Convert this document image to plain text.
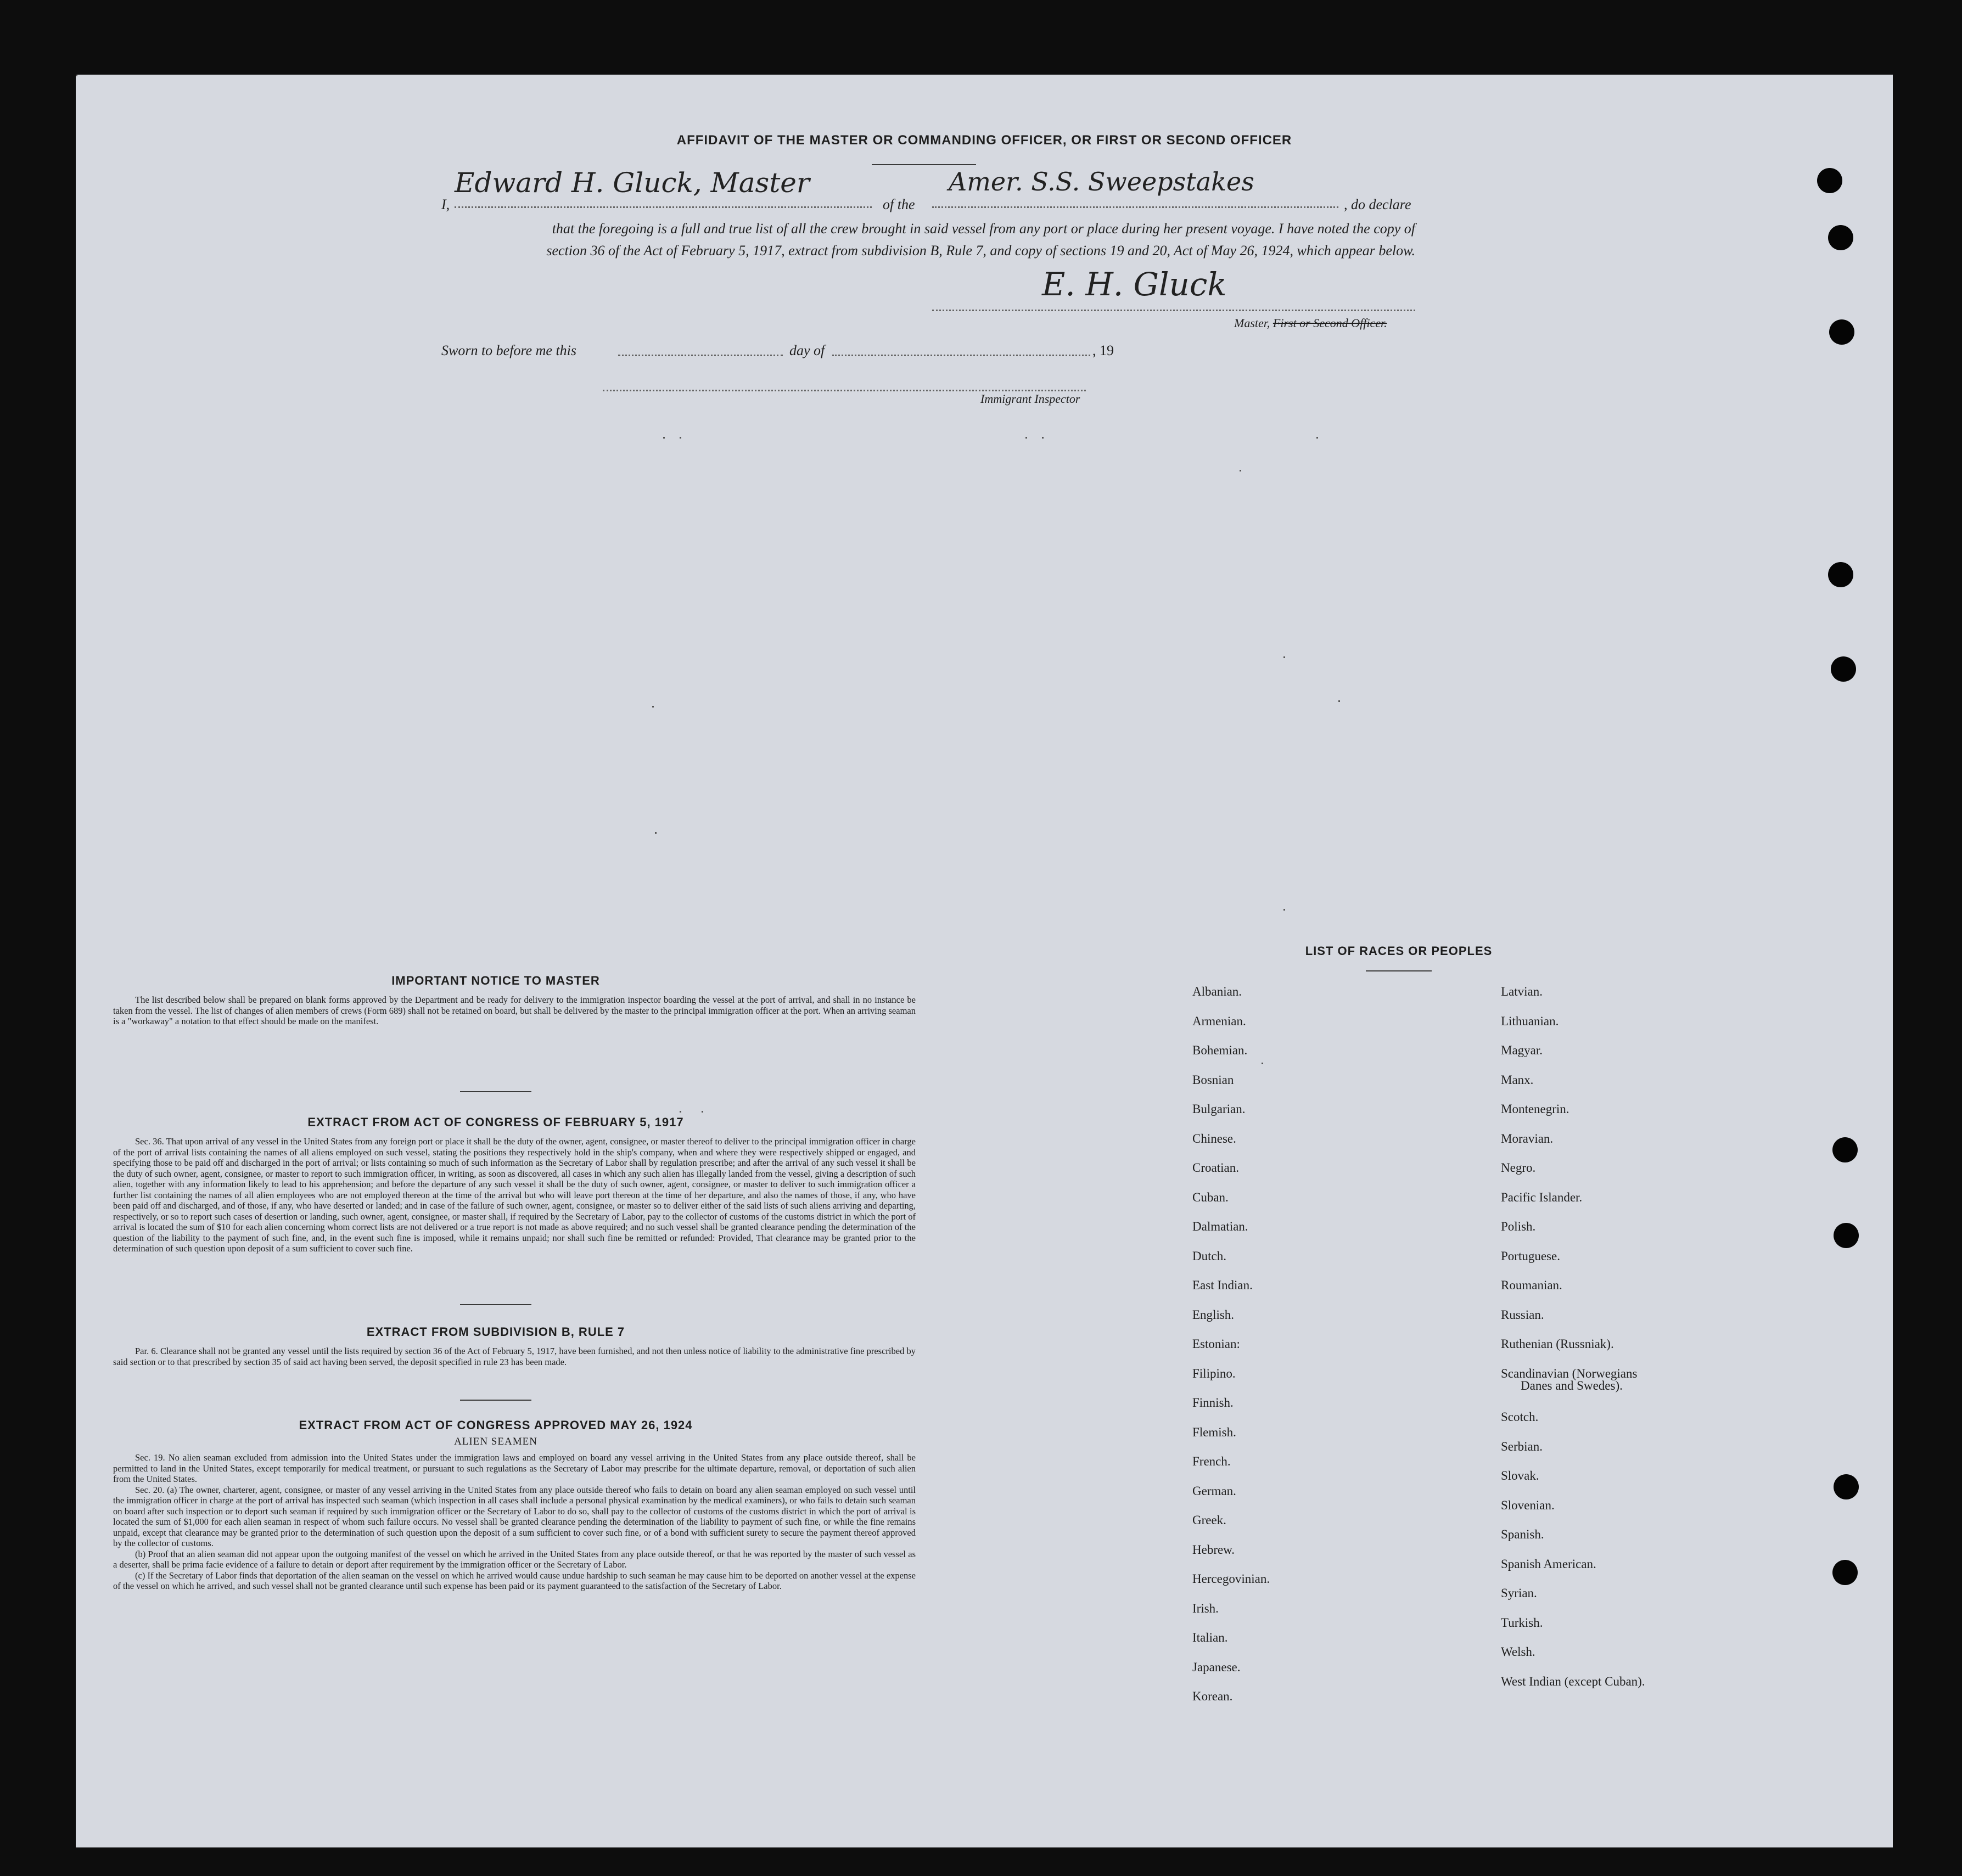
AFFIDAVIT OF THE MASTER OR COMMANDING OFFICER, OR FIRST OR SECOND OFFICER
I,
Edward H. Gluck, Master
of the
Amer. S.S. Sweepstakes
, do declare
that the foregoing is a full and true list of all the crew brought in said vessel from any port or place during her present voyage. I have noted the copy of
section 36 of the Act of February 5, 1917, extract from subdivision B, Rule 7, and copy of sections 19 and 20, Act of May 26, 1924, which appear below.
E. H. Gluck
Master, First or Second Officer.
Sworn to before me this	day of	, 19
Immigrant Inspector
IMPORTANT NOTICE TO MASTER

The list described below shall be prepared on blank forms approved by the Department and be ready for delivery to the immigration inspector boarding the vessel at the port of arrival, and shall in no instance be taken from the vessel. The list of changes of alien members of crews (Form 689) shall not be retained on board, but shall be delivered by the master to the principal immigration officer at the port. When an arriving seaman is a "workaway" a notation to that effect should be made on the manifest.

EXTRACT FROM ACT OF CONGRESS OF FEBRUARY 5, 1917

Sec. 36. That upon arrival of any vessel in the United States from any foreign port or place it shall be the duty of the owner, agent, consignee, or master thereof to deliver to the principal immigration officer in charge of the port of arrival lists containing the names of all aliens employed on such vessel, stating the positions they respectively hold in the ship's company, when and where they were respectively shipped or engaged, and specifying those to be paid off and discharged in the port of arrival; or lists containing so much of such information as the Secretary of Labor shall by regulation prescribe; and after the arrival of any such vessel it shall be the duty of such owner, agent, consignee, or master to report to such immigration officer, in writing, as soon as discovered, all cases in which any such alien has illegally landed from the vessel, giving a description of such alien, together with any information likely to lead to his apprehension; and before the departure of any such vessel it shall be the duty of such owner, agent, consignee, or master to deliver to such immigration officer a further list containing the names of all alien employees who are not employed thereon at the time of the arrival but who will leave port thereon at the time of her departure, and also the names of those, if any, who have been paid off and discharged, and of those, if any, who have deserted or landed; and in case of the failure of such owner, agent, consignee, or master so to deliver either of the said lists of such aliens arriving and departing, respectively, or so to report such cases of desertion or landing, such owner, agent, consignee, or master shall, if required by the Secretary of Labor, pay to the collector of customs of the customs district in which the port of arrival is located the sum of $10 for each alien concerning whom correct lists are not delivered or a true report is not made as above required; and no such vessel shall be granted clearance pending the determination of the question of the liability to the payment of such fine, and, in the event such fine is imposed, while it remains unpaid; nor shall such fine be remitted or refunded: Provided, That clearance may be granted prior to the determination of such question upon deposit of a sum sufficient to cover such fine.

EXTRACT FROM SUBDIVISION B, RULE 7

Par. 6. Clearance shall not be granted any vessel until the lists required by section 36 of the Act of February 5, 1917, have been furnished, and not then unless notice of liability to the administrative fine prescribed by said section or to that prescribed by section 35 of said act having been served, the deposit specified in rule 23 has been made.

EXTRACT FROM ACT OF CONGRESS APPROVED MAY 26, 1924
ALIEN SEAMEN

Sec. 19. No alien seaman excluded from admission into the United States under the immigration laws and employed on board any vessel arriving in the United States from any place outside thereof, shall be permitted to land in the United States, except temporarily for medical treatment, or pursuant to such regulations as the Secretary of Labor may prescribe for the ultimate departure, removal, or deportation of such alien from the United States.

Sec. 20. (a) The owner, charterer, agent, consignee, or master of any vessel arriving in the United States from any place outside thereof who fails to detain on board any alien seaman employed on such vessel until the immigration officer in charge at the port of arrival has inspected such seaman (which inspection in all cases shall include a personal physical examination by the medical examiners), or who fails to detain such seaman on board after such inspection or to deport such seaman if required by such immigration officer or the Secretary of Labor to do so, shall pay to the collector of customs of the customs district in which the port of arrival is located the sum of $1,000 for each alien seaman in respect of whom such failure occurs. No vessel shall be granted clearance pending the determination of the liability to payment of such fine, or while the fine remains unpaid, except that clearance may be granted prior to the determination of such question upon the deposit of a sum sufficient to cover such fine, or of a bond with sufficient surety to secure the payment thereof approved by the collector of customs.

(b) Proof that an alien seaman did not appear upon the outgoing manifest of the vessel on which he arrived in the United States from any place outside thereof, or that he was reported by the master of such vessel as a deserter, shall be prima facie evidence of a failure to detain or deport after requirement by the immigration officer or the Secretary of Labor.

(c) If the Secretary of Labor finds that deportation of the alien seaman on the vessel on which he arrived would cause undue hardship to such seaman he may cause him to be deported on another vessel at the expense of the vessel on which he arrived, and such vessel shall not be granted clearance until such expense has been paid or its payment guaranteed to the satisfaction of the Secretary of Labor.

LIST OF RACES OR PEOPLES
Albanian.
Armenian.
Bohemian.
Bosnian
Bulgarian.
Chinese.
Croatian.
Cuban.
Dalmatian.
Dutch.
East Indian.
English.
Estonian:
Filipino.
Finnish.
Flemish.
French.
German.
Greek.
Hebrew.
Hercegovinian.
Irish.
Italian.
Japanese.
Korean.
Latvian.
Lithuanian.
Magyar.
Manx.
Montenegrin.
Moravian.
Negro.
Pacific Islander.
Polish.
Portuguese.
Roumanian.
Russian.
Ruthenian (Russniak).
Scandinavian (Norwegians
Danes and Swedes).
Scotch.
Serbian.
Slovak.
Slovenian.
Spanish.
Spanish American.
Syrian.
Turkish.
Welsh.
West Indian (except Cuban).
